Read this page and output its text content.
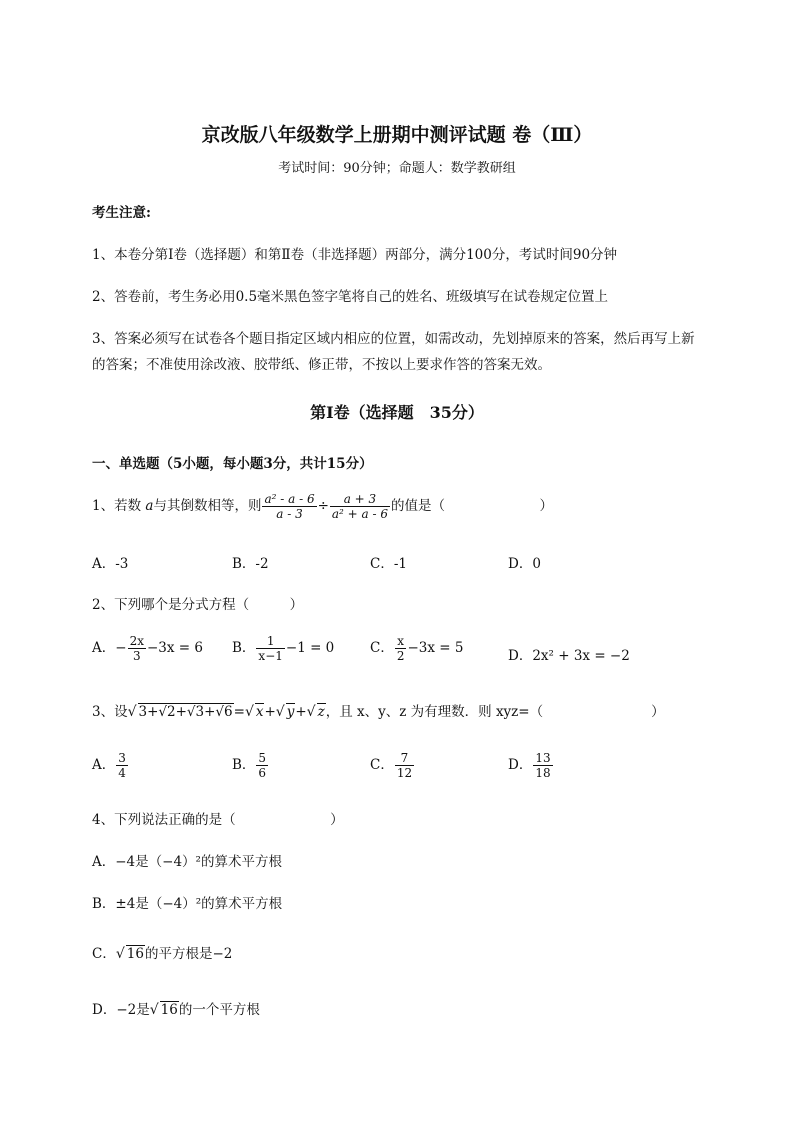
京改版八年级数学上册期中测评试题 卷（Ⅲ）
考试时间：90分钟；命题人：数学教研组
考生注意:
1、本卷分第I卷（选择题）和第Ⅱ卷（非选择题）两部分，满分100分，考试时间90分钟
2、答卷前，考生务必用0.5毫米黑色签字笔将自己的姓名、班级填写在试卷规定位置上
3、答案必须写在试卷各个题目指定区域内相应的位置，如需改动，先划掉原来的答案，然后再写上新
的答案；不准使用涂改液、胶带纸、修正带，不按以上要求作答的答案无效。
第I卷（选择题　35分）
一、单选题（5小题，每小题3分，共计15分）
1、若数 a与其倒数相等，则 $\frac{\text{a² - a - 6}}{a - 3} \div \frac{a + 3}{\text{a² + a - 6}}$ 的值是（　　　　　　　）
A．-3	B．-2	C．-1	D．0
2、下列哪个是分式方程（　　　）
A．− $\frac{2x}{3} -3x = 6$ B． $\frac{1}{x-1} -1 = 0$	C． $\frac{x}{2} -3x = 5$	D．2x² + 3x = −2
3、设√ 3+√2+√3+√6=√ x+√ y+√ z，且 x、y、z 为有理数．则 xyz=（　　　　　　　　）
A． $\frac{3}{4}$	B． $\frac{5}{6}$	C． $\frac{7}{12}$	D． $\frac{13}{18}$
4、下列说法正确的是（　　　　　　　）
A．−4是（−4）²的算术平方根
B．±4是（−4）²的算术平方根
C．√ 16的平方根是−2
D．−2是√ 16的一个平方根
